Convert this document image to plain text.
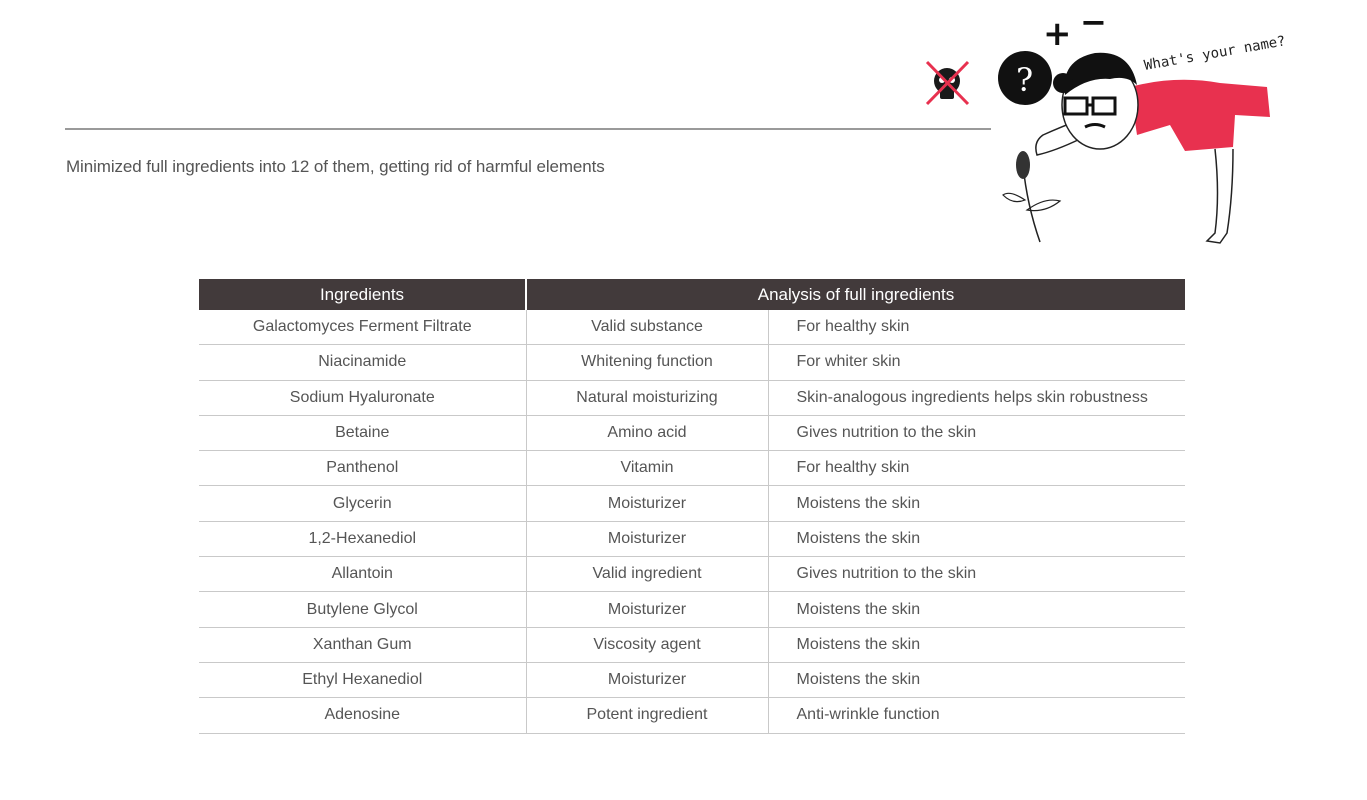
+ −
?
What's your name?
Minimized full ingredients into 12 of them, getting rid of harmful elements
Ingredients	Analysis of full ingredients	
Galactomyces Ferment Filtrate	Valid substance	For healthy skin
Niacinamide	Whitening function	For whiter skin
Sodium Hyaluronate	Natural moisturizing	Skin-analogous ingredients helps skin robustness
Betaine	Amino acid	Gives nutrition to the skin
Panthenol	Vitamin	For healthy skin
Glycerin	Moisturizer	Moistens the skin
1,2-Hexanediol	Moisturizer	Moistens the skin
Allantoin	Valid ingredient	Gives nutrition to the skin
Butylene Glycol	Moisturizer	Moistens the skin
Xanthan Gum	Viscosity agent	Moistens the skin
Ethyl Hexanediol	Moisturizer	Moistens the skin
Adenosine	Potent ingredient	Anti-wrinkle function
